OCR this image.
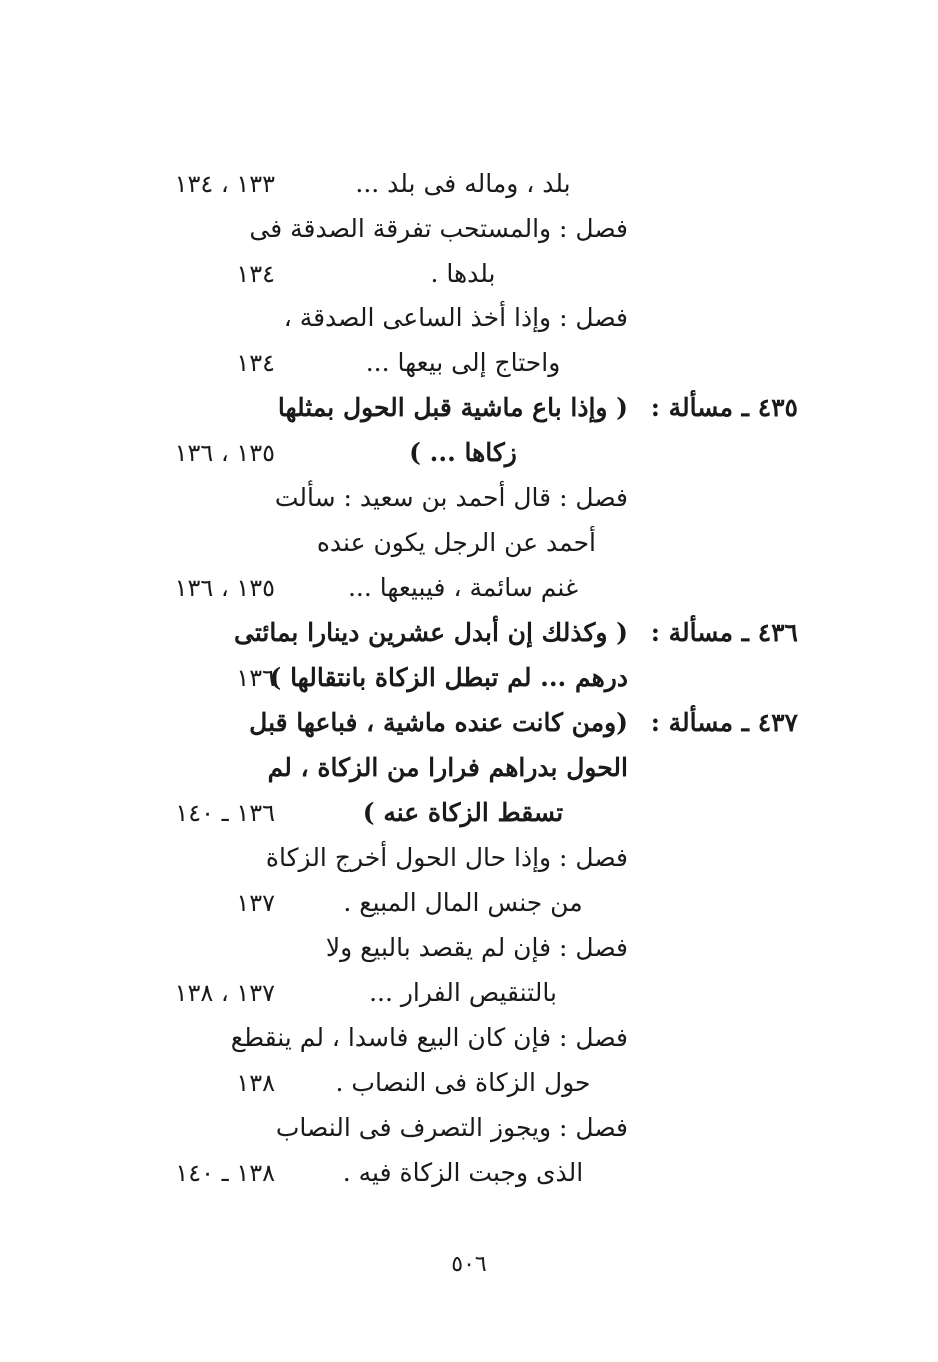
بلد ، وماله فى بلد ...
١٣٣ ، ١٣٤
فصل : والمستحب تفرقة الصدقة فى
بلدها .
١٣٤
فصل : وإذا أخذ الساعى الصدقة ،
واحتاج إلى بيعها ...
١٣٤
٤٣٥ ـ مسألة :
( وإذا باع ماشية قبل الحول بمثلها
زكاها ... )
١٣٥ ، ١٣٦
فصل : قال أحمد بن سعيد : سألت
أحمد عن الرجل يكون عنده
غنم سائمة ، فيبيعها ...
١٣٥ ، ١٣٦
٤٣٦ ـ مسألة :
( وكذلك إن أبدل عشرين دينارا بمائتى
درهم ... لم تبطل الزكاة بانتقالها )
١٣٦
٤٣٧ ـ مسألة :
(ومن كانت عنده ماشية ، فباعها قبل
الحول بدراهم فرارا من الزكاة ، لم
تسقط الزكاة عنه )
١٣٦ ـ ١٤٠
فصل : وإذا حال الحول أخرج الزكاة
من جنس المال المبيع .
١٣٧
فصل : فإن لم يقصد بالبيع ولا
بالتنقيص الفرار ...
١٣٧ ، ١٣٨
فصل : فإن كان البيع فاسدا ، لم ينقطع
حول الزكاة فى النصاب .
١٣٨
فصل : ويجوز التصرف فى النصاب
الذى وجبت الزكاة فيه .
١٣٨ ـ ١٤٠
٥٠٦
